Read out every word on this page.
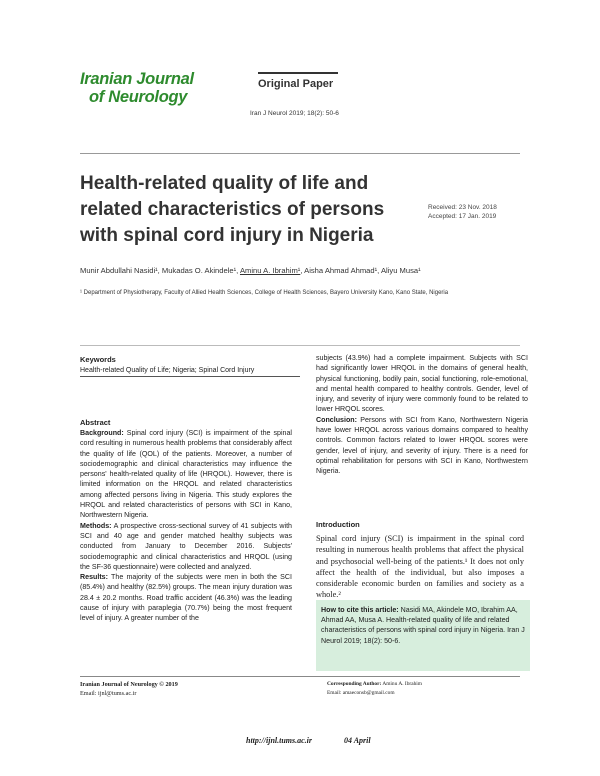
Iranian Journal
of Neurology
Original Paper
Iran J Neurol 2019; 18(2): 50-6
Health-related quality of life and related characteristics of persons with spinal cord injury in Nigeria
Received: 23 Nov. 2018
Accepted: 17 Jan. 2019
Munir Abdullahi Nasidi¹, Mukadas O. Akindele¹, Aminu A. Ibrahim¹, Aisha Ahmad Ahmad¹, Aliyu Musa¹
¹ Department of Physiotherapy, Faculty of Allied Health Sciences, College of Health Sciences, Bayero University Kano, Kano State, Nigeria
Keywords
Health-related Quality of Life; Nigeria; Spinal Cord Injury
Abstract

Background: Spinal cord injury (SCI) is impairment of the spinal cord resulting in numerous health problems that considerably affect the quality of life (QOL) of the patients. Moreover, a number of sociodemographic and clinical characteristics may influence the persons' health-related quality of life (HRQOL). However, there is limited information on the HRQOL and related characteristics among affected persons living in Nigeria. This study explores the HRQOL and related characteristics of persons with SCI in Kano, Northwestern Nigeria.

Methods: A prospective cross-sectional survey of 41 subjects with SCI and 40 age and gender matched healthy subjects was conducted from January to December 2016. Subjects' sociodemographic and clinical characteristics and HRQOL (using the SF-36 questionnaire) were collected and analyzed.

Results: The majority of the subjects were men in both the SCI (85.4%) and healthy (82.5%) groups. The mean injury duration was 28.4 ± 20.2 months. Road traffic accident (46.3%) was the leading cause of injury with paraplegia (70.7%) being the most frequent level of injury. A greater number of the

subjects (43.9%) had a complete impairment. Subjects with SCI had significantly lower HRQOL in the domains of general health, physical functioning, bodily pain, social functioning, role-emotional, and mental health compared to healthy controls. Gender, level of injury, and severity of injury were commonly found to be related to lower HRQOL scores.

Conclusion: Persons with SCI from Kano, Northwestern Nigeria have lower HRQOL across various domains compared to healthy controls. Common factors related to lower HRQOL scores were gender, level of injury, and severity of injury. There is a need for optimal rehabilitation for persons with SCI in Kano, Northwestern Nigeria.

Introduction
Spinal cord injury (SCI) is impairment in the spinal cord resulting in numerous health problems that affect the physical and psychosocial well-being of the patients.¹ It does not only affect the health of the individual, but also imposes a considerable economic burden on families and society as a whole.²
How to cite this article: Nasidi MA, Akindele MO, Ibrahim AA, Ahmad AA, Musa A. Health-related quality of life and related characteristics of persons with spinal cord injury in Nigeria. Iran J Neurol 2019; 18(2): 50-6.
Iranian Journal of Neurology © 2019
Email: ijnl@tums.ac.ir
Corresponding Author: Aminu A. Ibrahim
Email: amaeconsb@gmail.com
http://ijnl.tums.ac.ir	04 April
